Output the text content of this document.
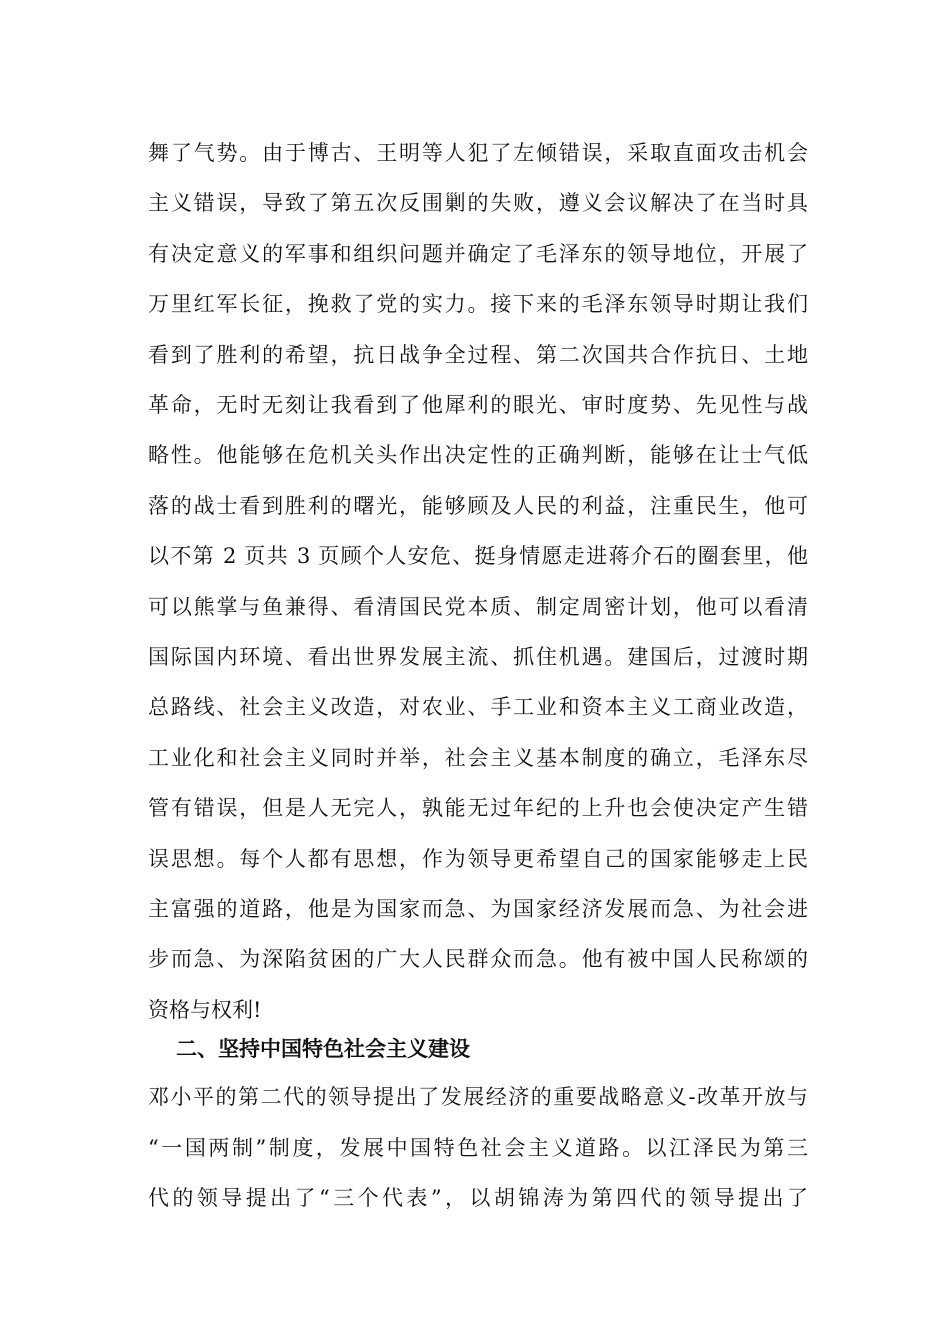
舞了气势。由于博古、王明等人犯了左倾错误，采取直面攻击机会

主义错误，导致了第五次反围剿的失败，遵义会议解决了在当时具

有决定意义的军事和组织问题并确定了毛泽东的领导地位，开展了

万里红军长征，挽救了党的实力。接下来的毛泽东领导时期让我们

看到了胜利的希望，抗日战争全过程、第二次国共合作抗日、土地

革命，无时无刻让我看到了他犀利的眼光、审时度势、先见性与战

略性。他能够在危机关头作出决定性的正确判断，能够在让士气低

落的战士看到胜利的曙光，能够顾及人民的利益，注重民生，他可

以不第 2 页共 3 页顾个人安危、挺身情愿走进蒋介石的圈套里，他

可以熊掌与鱼兼得、看清国民党本质、制定周密计划，他可以看清

国际国内环境、看出世界发展主流、抓住机遇。建国后，过渡时期

总路线、社会主义改造，对农业、手工业和资本主义工商业改造，

工业化和社会主义同时并举，社会主义基本制度的确立，毛泽东尽

管有错误，但是人无完人，孰能无过年纪的上升也会使决定产生错

误思想。每个人都有思想，作为领导更希望自己的国家能够走上民

主富强的道路，他是为国家而急、为国家经济发展而急、为社会进

步而急、为深陷贫困的广大人民群众而急。他有被中国人民称颂的

资格与权利!

二、坚持中国特色社会主义建设

邓小平的第二代的领导提出了发展经济的重要战略意义-改革开放与

“一国两制”制度，发展中国特色社会主义道路。以江泽民为第三

代的领导提出了“三个代表”，以胡锦涛为第四代的领导提出了
